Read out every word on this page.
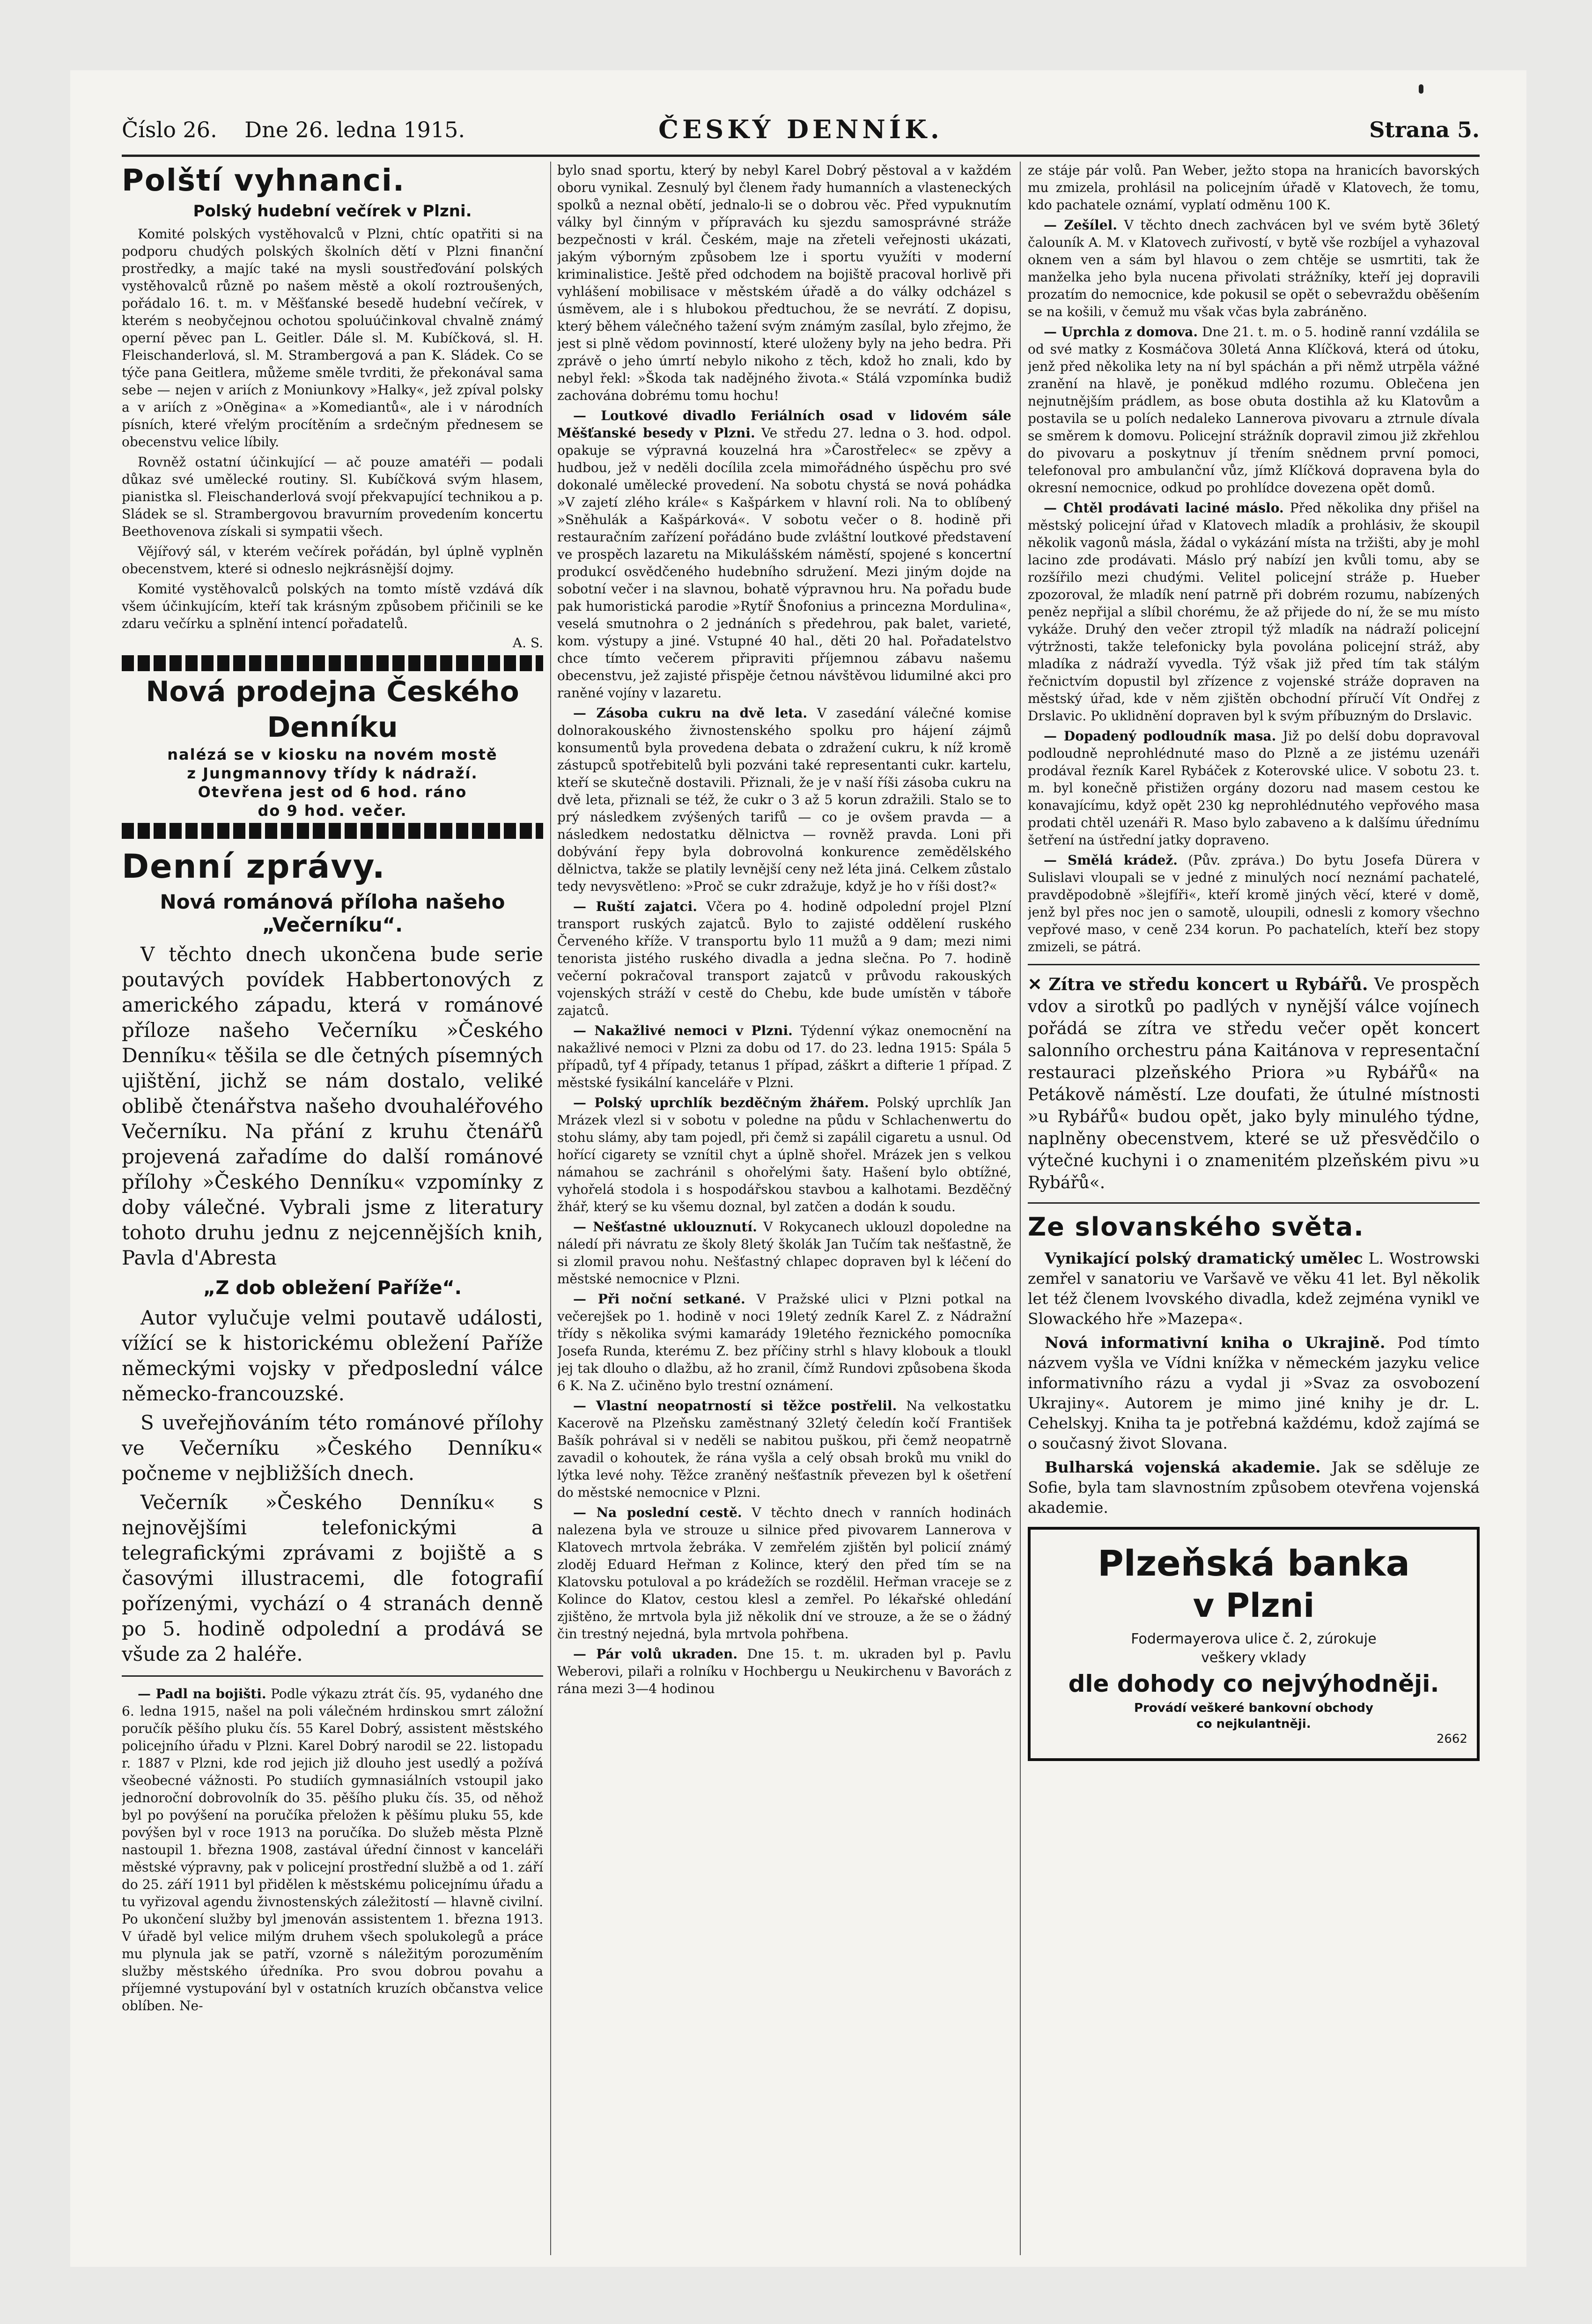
Číslo 26. Dne 26. ledna 1915.	ČESKÝ DENNÍK.	Strana 5.
Polští vyhnanci.
Polský hudební večírek v Plzni.

Komité polských vystěhovalců v Plzni, chtíc opatřiti si na podporu chudých polských školních dětí v Plzni finanční prostředky, a majíc také na mysli soustřeďování polských vystěhovalců různě po našem městě a okolí roztroušených, pořádalo 16. t. m. v Měšťanské besedě hudební večírek, v kterém s neobyčejnou ochotou spoluúčinkoval chvalně známý operní pěvec pan L. Geitler. Dále sl. M. Kubíčková, sl. H. Fleischanderlová, sl. M. Strambergová a pan K. Sládek. Co se týče pana Geitlera, můžeme směle tvrditi, že překonával sama sebe — nejen v ariích z Moniunkovy »Halky«, jež zpíval polsky a v ariích z »Oněgina« a »Komediantů«, ale i v národních písních, které vřelým procítěním a srdečným přednesem se obecenstvu velice líbily.

Rovněž ostatní účinkující — ač pouze amatéři — podali důkaz své umělecké routiny. Sl. Kubíčková svým hlasem, pianistka sl. Fleischanderlová svojí překvapující technikou a p. Sládek se sl. Strambergovou bravurním provedením koncertu Beethovenova získali si sympatii všech.

Vějířový sál, v kterém večírek pořádán, byl úplně vyplněn obecenstvem, které si odneslo nejkrásnější dojmy.

Komité vystěhovalců polských na tomto místě vzdává dík všem účinkujícím, kteří tak krásným způsobem přičinili se ke zdaru večírku a splnění intencí pořadatelů.

A. S.
Nová prodejna Českého Denníku
nalézá se v kiosku na novém mostě
z Jungmannovy třídy k nádraží.
Otevřena jest od 6 hod. ráno
do 9 hod. večer.
Denní zprávy.
Nová románová příloha našeho
„Večerníku“.

V těchto dnech ukončena bude serie poutavých povídek Habbertonových z amerického západu, která v románové příloze našeho Večerníku »Českého Denníku« těšila se dle četných písemných ujištění, jichž se nám dostalo, veliké oblibě čtenářstva našeho dvouhaléřového Večerníku. Na přání z kruhu čtenářů projevená zařadíme do další románové přílohy »Českého Denníku« vzpomínky z doby válečné. Vybrali jsme z literatury tohoto druhu jednu z nejcennějších knih, Pavla d'Abresta

„Z dob obležení Paříže“.

Autor vylučuje velmi poutavě události, vížící se k historickému obležení Paříže německými vojsky v předposlední válce německo-francouzské.

S uveřejňováním této románové přílohy ve Večerníku »Českého Denníku« počneme v nejbližších dnech.

Večerník »Českého Denníku« s nejnovějšími telefonickými a telegrafickými zprávami z bojiště a s časovými illustracemi, dle fotografií pořízenými, vychází o 4 stranách denně po 5. hodině odpolední a prodává se všude za 2 haléře.

— Padl na bojišti. Podle výkazu ztrát čís. 95, vydaného dne 6. ledna 1915, našel na poli válečném hrdinskou smrt záložní poručík pěšího pluku čís. 55 Karel Dobrý, assistent městského policejního úřadu v Plzni. Karel Dobrý narodil se 22. listopadu r. 1887 v Plzni, kde rod jejich již dlouho jest usedlý a požívá všeobecné vážnosti. Po studiích gymnasiálních vstoupil jako jednoroční dobrovolník do 35. pěšího pluku čís. 35, od něhož byl po povýšení na poručíka přeložen k pěšímu pluku 55, kde povýšen byl v roce 1913 na poručíka. Do služeb města Plzně nastoupil 1. března 1908, zastával úřední činnost v kanceláři městské výpravny, pak v policejní prostřední službě a od 1. září do 25. září 1911 byl přidělen k městskému policejnímu úřadu a tu vyřizoval agendu živnostenských záležitostí — hlavně civilní. Po ukončení služby byl jmenován assistentem 1. března 1913. V úřadě byl velice milým druhem všech spolukolegů a práce mu plynula jak se patří, vzorně s náležitým porozuměním služby městského úředníka. Pro svou dobrou povahu a příjemné vystupování byl v ostatních kruzích občanstva velice oblíben. Ne-

bylo snad sportu, který by nebyl Karel Dobrý pěstoval a v každém oboru vynikal. Zesnulý byl členem řady humanních a vlasteneckých spolků a neznal obětí, jednalo-li se o dobrou věc. Před vypuknutím války byl činným v přípravách ku sjezdu samosprávné stráže bezpečnosti v král. Českém, maje na zřeteli veřejnosti ukázati, jakým výborným způsobem lze i sportu využíti v moderní kriminalistice. Ještě před odchodem na bojiště pracoval horlivě při vyhlášení mobilisace v městském úřadě a do války odcházel s úsměvem, ale i s hlubokou předtuchou, že se nevrátí. Z dopisu, který během válečného tažení svým známým zasílal, bylo zřejmo, že jest si plně vědom povinností, které uloženy byly na jeho bedra. Při zprávě o jeho úmrtí nebylo nikoho z těch, kdož ho znali, kdo by nebyl řekl: »Škoda tak nadějného života.« Stálá vzpomínka budiž zachována dobrému tomu hochu!

— Loutkové divadlo Feriálních osad v lidovém sále Měšťanské besedy v Plzni. Ve středu 27. ledna o 3. hod. odpol. opakuje se výpravná kouzelná hra »Čarostřelec« se zpěvy a hudbou, jež v neděli docílila zcela mimořádného úspěchu pro své dokonalé umělecké provedení. Na sobotu chystá se nová pohádka »V zajetí zlého krále« s Kašpárkem v hlavní roli. Na to oblíbený »Sněhulák a Kašpárková«. V sobotu večer o 8. hodině při restauračním zařízení pořádáno bude zvláštní loutkové představení ve prospěch lazaretu na Mikulášském náměstí, spojené s koncertní produkcí osvědčeného hudebního sdružení. Mezi jiným dojde na sobotní večer i na slavnou, bohatě výpravnou hru. Na pořadu bude pak humoristická parodie »Rytíř Šnofonius a princezna Mordulina«, veselá smutnohra o 2 jednáních s předehrou, pak balet, varieté, kom. výstupy a jiné. Vstupné 40 hal., děti 20 hal. Pořadatelstvo chce tímto večerem připraviti příjemnou zábavu našemu obecenstvu, jež zajisté přispěje četnou návštěvou lidumilné akci pro raněné vojíny v lazaretu.

— Zásoba cukru na dvě leta. V zasedání válečné komise dolnorakouského živnostenského spolku pro hájení zájmů konsumentů byla provedena debata o zdražení cukru, k níž kromě zástupců spotřebitelů byli pozváni také representanti cukr. kartelu, kteří se skutečně dostavili. Přiznali, že je v naší říši zásoba cukru na dvě leta, přiznali se též, že cukr o 3 až 5 korun zdražili. Stalo se to prý následkem zvýšených tarifů — co je ovšem pravda — a následkem nedostatku dělnictva — rovněž pravda. Loni při dobývání řepy byla dobrovolná konkurence zemědělského dělnictva, takže se platily levnější ceny než léta jiná. Celkem zůstalo tedy nevysvětleno: »Proč se cukr zdražuje, když je ho v říši dost?«

— Ruští zajatci. Včera po 4. hodině odpolední projel Plzní transport ruských zajatců. Bylo to zajisté oddělení ruského Červeného kříže. V transportu bylo 11 mužů a 9 dam; mezi nimi tenorista jistého ruského divadla a jedna slečna. Po 7. hodině večerní pokračoval transport zajatců v průvodu rakouských vojenských stráží v cestě do Chebu, kde bude umístěn v táboře zajatců.

— Nakažlivé nemoci v Plzni. Týdenní výkaz onemocnění na nakažlivé nemoci v Plzni za dobu od 17. do 23. ledna 1915: Spála 5 případů, tyf 4 případy, tetanus 1 případ, záškrt a difterie 1 případ. Z městské fysikální kanceláře v Plzni.

— Polský uprchlík bezděčným žhářem. Polský uprchlík Jan Mrázek vlezl si v sobotu v poledne na půdu v Schlachenwertu do stohu slámy, aby tam pojedl, při čemž si zapálil cigaretu a usnul. Od hořící cigarety se vznítil chyt a úplně shořel. Mrázek jen s velkou námahou se zachránil s ohořelými šaty. Hašení bylo obtížné, vyhořelá stodola i s hospodářskou stavbou a kalhotami. Bezděčný žhář, který se ku všemu doznal, byl zatčen a dodán k soudu.

— Nešťastné uklouznutí. V Rokycanech uklouzl dopoledne na náledí při návratu ze školy 8letý školák Jan Tučím tak nešťastně, že si zlomil pravou nohu. Nešťastný chlapec dopraven byl k léčení do městské nemocnice v Plzni.

— Při noční setkané. V Pražské ulici v Plzni potkal na večerejšek po 1. hodině v noci 19letý zedník Karel Z. z Nádražní třídy s několika svými kamarády 19letého řeznického pomocníka Josefa Runda, kterému Z. bez příčiny strhl s hlavy klobouk a tloukl jej tak dlouho o dlažbu, až ho zranil, čímž Rundovi způsobena škoda 6 K. Na Z. učiněno bylo trestní oznámení.

— Vlastní neopatrností si těžce postřelil. Na velkostatku Kacerově na Plzeňsku zaměstnaný 32letý čeledín kočí František Bašík pohrával si v neděli se nabitou puškou, při čemž neopatrně zavadil o kohoutek, že rána vyšla a celý obsah broků mu vnikl do lýtka levé nohy. Těžce zraněný nešťastník převezen byl k ošetření do městské nemocnice v Plzni.

— Na poslední cestě. V těchto dnech v ranních hodinách nalezena byla ve strouze u silnice před pivovarem Lannerova v Klatovech mrtvola žebráka. V zemřelém zjištěn byl policií známý zloděj Eduard Heřman z Kolince, který den před tím se na Klatovsku potuloval a po krádežích se rozdělil. Heřman vraceje se z Kolince do Klatov, cestou klesl a zemřel. Po lékařské ohledání zjištěno, že mrtvola byla již několik dní ve strouze, a že se o žádný čin trestný nejedná, byla mrtvola pohřbena.

— Pár volů ukraden. Dne 15. t. m. ukraden byl p. Pavlu Weberovi, pilaři a rolníku v Hochbergu u Neukirchenu v Bavorách z rána mezi 3—4 hodinou

ze stáje pár volů. Pan Weber, ježto stopa na hranicích bavorských mu zmizela, prohlásil na policejním úřadě v Klatovech, že tomu, kdo pachatele oznámí, vyplatí odměnu 100 K.

— Zešílel. V těchto dnech zachvácen byl ve svém bytě 36letý čalouník A. M. v Klatovech zuřivostí, v bytě vše rozbíjel a vyhazoval oknem ven a sám byl hlavou o zem chtěje se usmrtiti, tak že manželka jeho byla nucena přivolati strážníky, kteří jej dopravili prozatím do nemocnice, kde pokusil se opět o sebevraždu oběšením se na košili, v čemuž mu však včas byla zabráněno.

— Uprchla z domova. Dne 21. t. m. o 5. hodině ranní vzdálila se od své matky z Kosmáčova 30letá Anna Klíčková, která od útoku, jenž před několika lety na ní byl spáchán a při němž utrpěla vážné zranění na hlavě, je poněkud mdlého rozumu. Oblečena jen nejnutnějším prádlem, as bose obuta dostihla až ku Klatovům a postavila se u polích nedaleko Lannerova pivovaru a ztrnule dívala se směrem k domovu. Policejní strážník dopravil zimou již zkřehlou do pivovaru a poskytnuv jí třením snědnem první pomoci, telefonoval pro ambulanční vůz, jímž Klíčková dopravena byla do okresní nemocnice, odkud po prohlídce dovezena opět domů.

— Chtěl prodávati laciné máslo. Před několika dny přišel na městský policejní úřad v Klatovech mladík a prohlásiv, že skoupil několik vagonů másla, žádal o vykázání místa na tržišti, aby je mohl lacino zde prodávati. Máslo prý nabízí jen kvůli tomu, aby se rozšířilo mezi chudými. Velitel policejní stráže p. Hueber zpozoroval, že mladík není patrně při dobrém rozumu, nabízených peněz nepřijal a slíbil chorému, že až přijede do ní, že se mu místo vykáže. Druhý den večer ztropil týž mladík na nádraží policejní výtržnosti, takže telefonicky byla povolána policejní stráž, aby mladíka z nádraží vyvedla. Týž však již před tím tak stálým řečnictvím dopustil byl zřízence z vojenské stráže dopraven na městský úřad, kde v něm zjištěn obchodní příručí Vít Ondřej z Drslavic. Po uklidnění dopraven byl k svým příbuzným do Drslavic.

— Dopadený podloudník masa. Již po delší dobu dopravoval podloudně neprohlédnuté maso do Plzně a ze jistému uzenáři prodával řezník Karel Rybáček z Koterovské ulice. V sobotu 23. t. m. byl konečně přistižen orgány dozoru nad masem cestou ke konavajícímu, když opět 230 kg neprohlédnutého vepřového masa prodati chtěl uzenáři R. Maso bylo zabaveno a k dalšímu úřednímu šetření na ústřední jatky dopraveno.

— Smělá krádež. (Pův. zpráva.) Do bytu Josefa Dürera v Sulislavi vloupali se v jedné z minulých nocí neznámí pachatelé, pravděpodobně »šlejfíři«, kteří kromě jiných věcí, které v domě, jenž byl přes noc jen o samotě, uloupili, odnesli z komory všechno vepřové maso, v ceně 234 korun. Po pachatelích, kteří bez stopy zmizeli, se pátrá.

✕ Zítra ve středu koncert u Rybářů. Ve prospěch vdov a sirotků po padlých v nynější válce vojínech pořádá se zítra ve středu večer opět koncert salonního orchestru pána Kaitánova v representační restauraci plzeňského Priora »u Rybářů« na Petákově náměstí. Lze doufati, že útulné místnosti »u Rybářů« budou opět, jako byly minulého týdne, naplněny obecenstvem, které se už přesvědčilo o výtečné kuchyni i o znamenitém plzeňském pivu »u Rybářů«.

Ze slovanského světa.

Vynikající polský dramatický umělec L. Wostrowski zemřel v sanatoriu ve Varšavě ve věku 41 let. Byl několik let též členem lvovského divadla, kdež zejména vynikl ve Slowackého hře »Mazepa«.

Nová informativní kniha o Ukrajině. Pod tímto názvem vyšla ve Vídni knížka v německém jazyku velice informativního rázu a vydal ji »Svaz za osvobození Ukrajiny«. Autorem je mimo jiné knihy je dr. L. Cehelskyj. Kniha ta je potřebná každému, kdož zajímá se o současný život Slovana.

Bulharská vojenská akademie. Jak se sděluje ze Sofie, byla tam slavnostním způsobem otevřena vojenská akademie.

Plzeňská banka
v Plzni
Fodermayerova ulice č. 2, zúrokuje
veškery vklady
dle dohody co nejvýhodněji.
Provádí veškeré bankovní obchody
co nejkulantněji.
2662
